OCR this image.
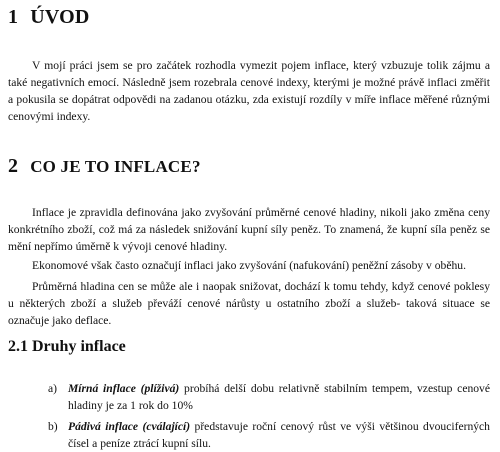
1 ÚVOD

V mojí práci jsem se pro začátek rozhodla vymezit pojem inflace, který vzbuzuje tolik zájmu a také negativních emocí. Následně jsem rozebrala cenové indexy, kterými je možné právě inflaci změřit a pokusila se dopátrat odpovědi na zadanou otázku, zda existují rozdíly v míře inflace měřené různými cenovými indexy.

2 CO JE TO INFLACE?

Inflace je zpravidla definována jako zvyšování průměrné cenové hladiny, nikoli jako změna ceny konkrétního zboží, což má za následek snižování kupní síly peněz. To znamená, že kupní síla peněz se mění nepřímo úměrně k vývoji cenové hladiny.

Ekonomové však často označují inflaci jako zvyšování (nafukování) peněžní zásoby v oběhu.

Průměrná hladina cen se může ale i naopak snižovat, dochází k tomu tehdy, když cenové poklesy u některých zboží a služeb převáží cenové nárůsty u ostatního zboží a služeb- taková situace se označuje jako deflace.

2.1 Druhy inflace
a) Mírná inflace (plíživá) probíhá delší dobu relativně stabilním tempem, vzestup cenové hladiny je za 1 rok do 10%
b) Pádivá inflace (cválající) představuje roční cenový růst ve výši většinou dvouciferných čísel a peníze ztrácí kupní sílu.
